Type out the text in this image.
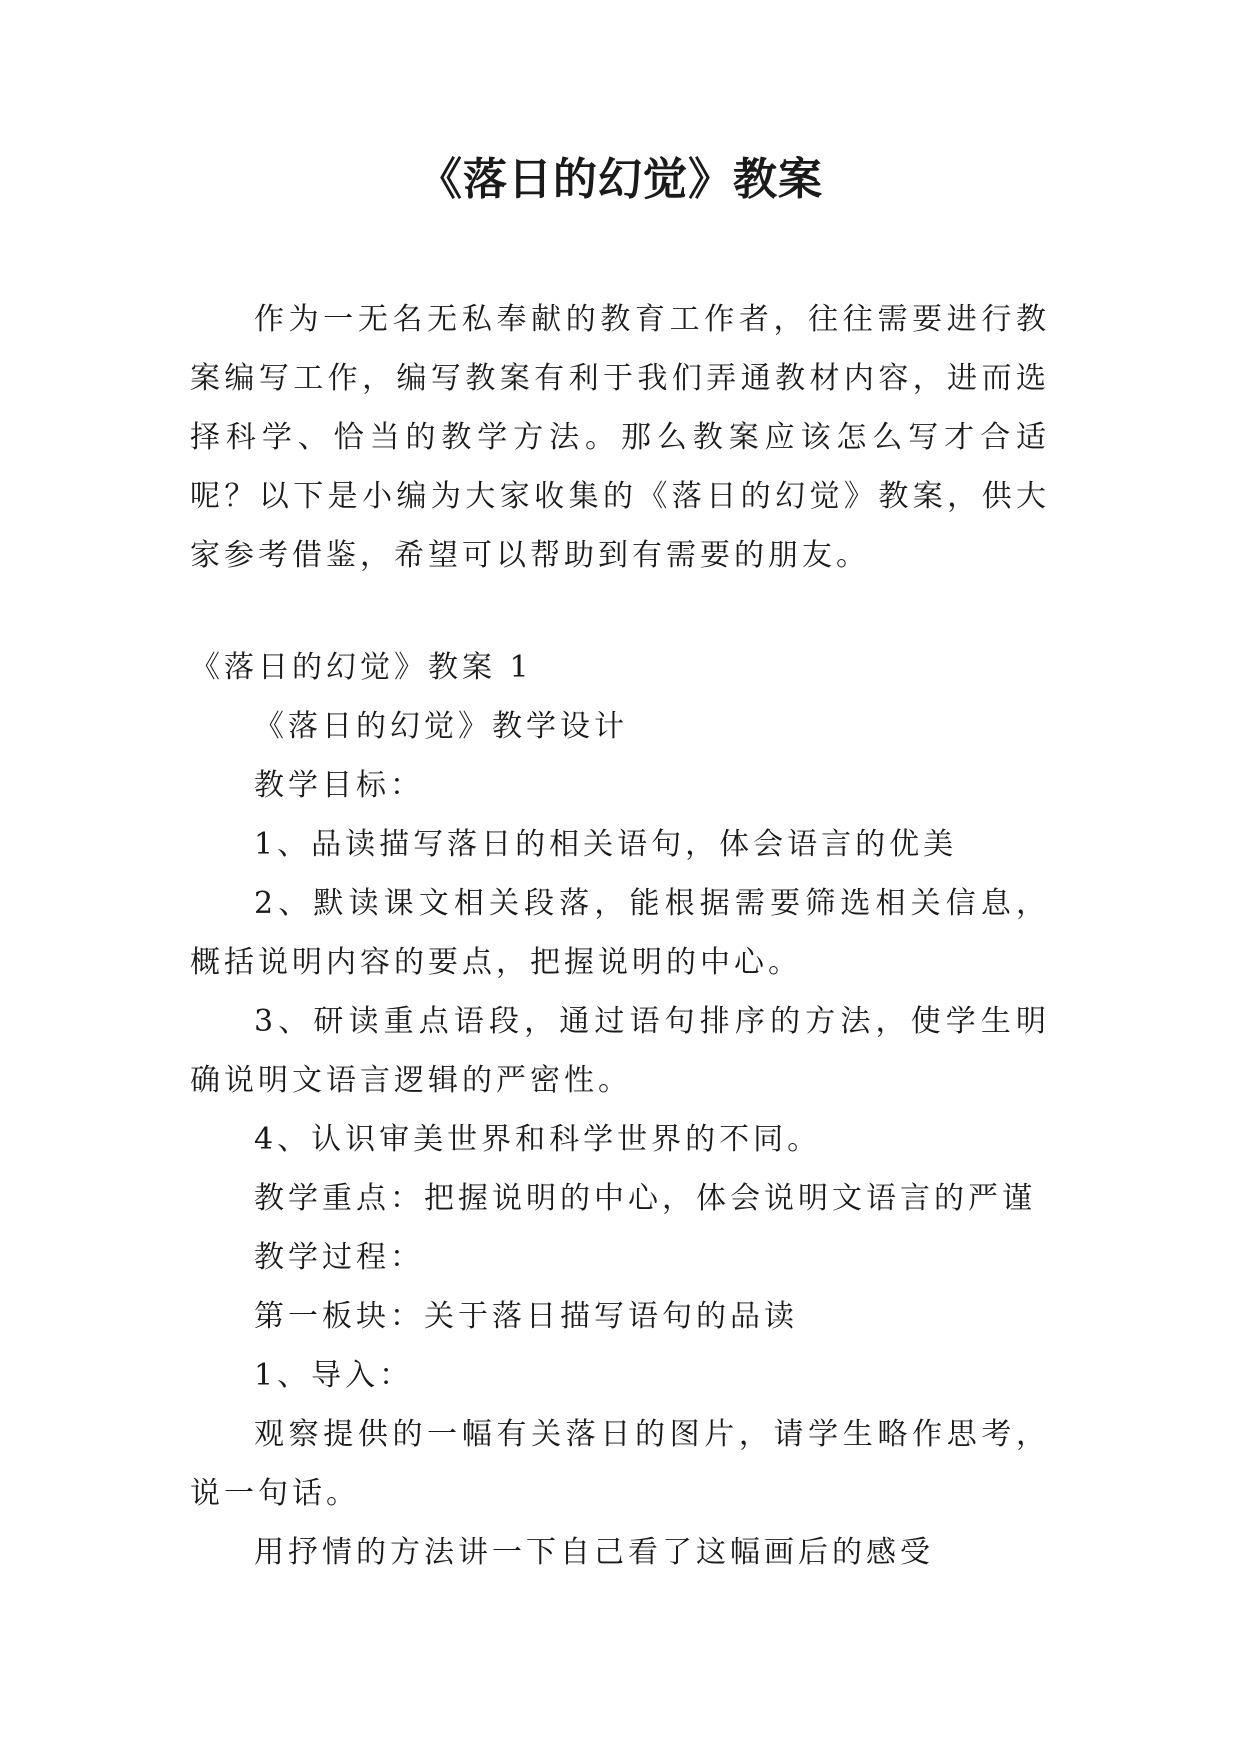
《落日的幻觉》教案

作为一无名无私奉献的教育工作者，往往需要进行教案编写工作，编写教案有利于我们弄通教材内容，进而选择科学、恰当的教学方法。那么教案应该怎么写才合适呢？以下是小编为大家收集的《落日的幻觉》教案，供大家参考借鉴，希望可以帮助到有需要的朋友。

《落日的幻觉》教案 1

《落日的幻觉》教学设计

教学目标：

1、品读描写落日的相关语句，体会语言的优美

2、默读课文相关段落，能根据需要筛选相关信息，概括说明内容的要点，把握说明的中心。

3、研读重点语段，通过语句排序的方法，使学生明确说明文语言逻辑的严密性。

4、认识审美世界和科学世界的不同。

教学重点：把握说明的中心，体会说明文语言的严谨

教学过程：

第一板块：关于落日描写语句的品读

1、导入：

观察提供的一幅有关落日的图片，请学生略作思考，说一句话。

用抒情的方法讲一下自己看了这幅画后的感受
